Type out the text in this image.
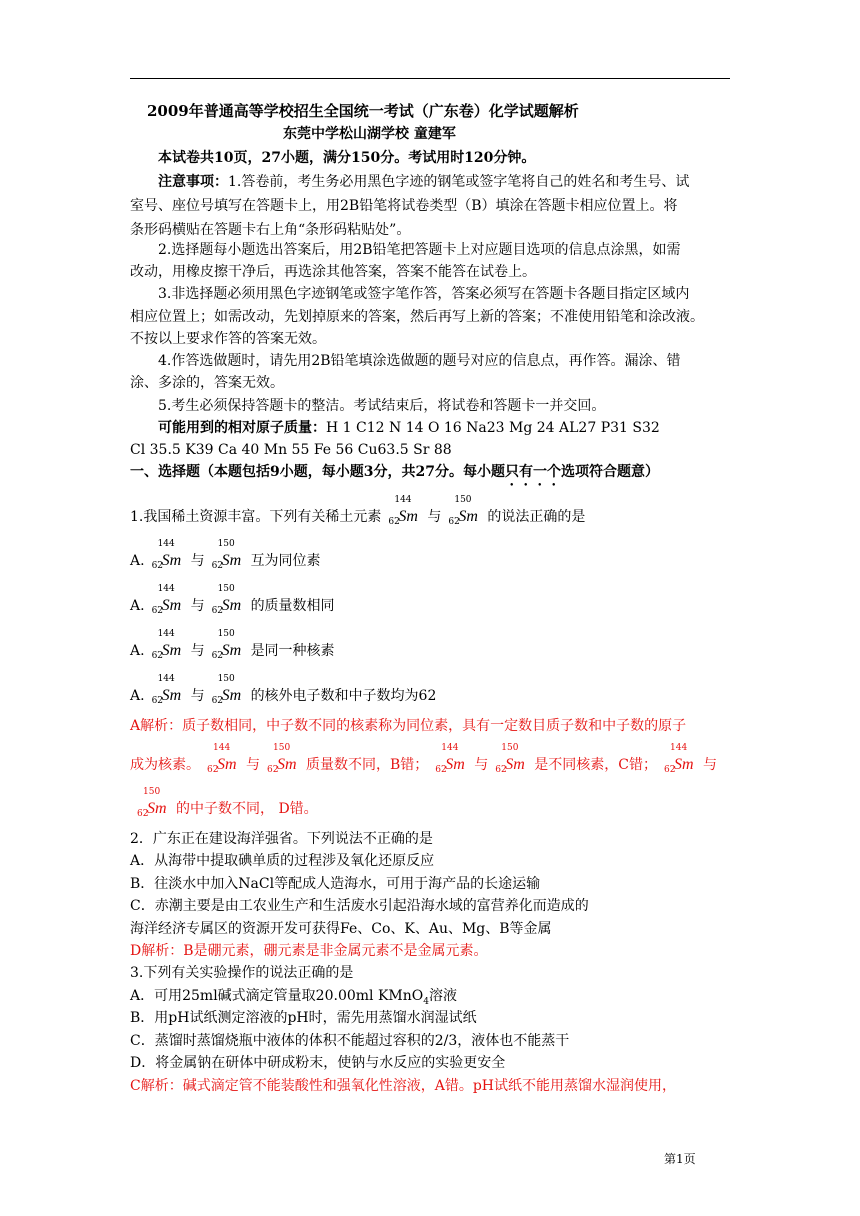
2009年普通高等学校招生全国统一考试（广东卷）化学试题解析
东莞中学松山湖学校 童建军
本试卷共10页，27小题，满分150分。考试用时120分钟。
注意事项：1.答卷前，考生务必用黑色字迹的钢笔或签字笔将自己的姓名和考生号、试
室号、座位号填写在答题卡上，用2B铅笔将试卷类型（B）填涂在答题卡相应位置上。将
条形码横贴在答题卡右上角“条形码粘贴处”。
2.选择题每小题选出答案后，用2B铅笔把答题卡上对应题目选项的信息点涂黑，如需
改动，用橡皮擦干净后，再选涂其他答案，答案不能答在试卷上。
3.非选择题必须用黑色字迹钢笔或签字笔作答，答案必须写在答题卡各题目指定区域内
相应位置上；如需改动，先划掉原来的答案，然后再写上新的答案；不准使用铅笔和涂改液。
不按以上要求作答的答案无效。
4.作答选做题时，请先用2B铅笔填涂选做题的题号对应的信息点，再作答。漏涂、错
涂、多涂的，答案无效。
5.考生必须保持答题卡的整洁。考试结束后，将试卷和答题卡一并交回。
可能用到的相对原子质量：H 1 C12 N 14 O 16 Na23 Mg 24 AL27 P31 S32
Cl 35.5 K39 Ca 40 Mn 55 Fe 56 Cu63.5 Sr 88
一、选择题（本题包括9小题，每小题3分，共27分。每小题只有一个选项符合题意）
1.我国稀土资源丰富。下列有关稀土元素
144
62
Sm 与
150
62
Sm 的说法正确的是
A.
144
62
Sm 与
150
62
Sm 互为同位素
A.
144
62
Sm 与
150
62
Sm 的质量数相同
A.
144
62
Sm 与
150
62
Sm 是同一种核素
A.
144
62
Sm 与
150
62
Sm 的核外电子数和中子数均为62
A解析：质子数相同，中子数不同的核素称为同位素，具有一定数目质子数和中子数的原子
成为核素。
144
62
Sm 与
150
62
Sm 质量数不同，B错；
144
62
Sm 与
150
62
Sm 是不同核素，C错；
144
62
Sm 与
150
62
Sm 的中子数不同， D错。
2．广东正在建设海洋强省。下列说法不正确的是
A．从海带中提取碘单质的过程涉及氧化还原反应
B．往淡水中加入NaCl等配成人造海水，可用于海产品的长途运输
C．赤潮主要是由工农业生产和生活废水引起沿海水域的富营养化而造成的
海洋经济专属区的资源开发可获得Fe、Co、K、Au、Mg、B等金属
D解析：B是硼元素，硼元素是非金属元素不是金属元素。
3.下列有关实验操作的说法正确的是
A．可用25ml碱式滴定管量取20.00ml KMnO$_4$溶液
B．用pH试纸测定溶液的pH时，需先用蒸馏水润湿试纸
C．蒸馏时蒸馏烧瓶中液体的体积不能超过容积的2/3，液体也不能蒸干
D．将金属钠在研体中研成粉末，使钠与水反应的实验更安全
C解析：碱式滴定管不能装酸性和强氧化性溶液，A错。pH试纸不能用蒸馏水湿润使用，
第1页
